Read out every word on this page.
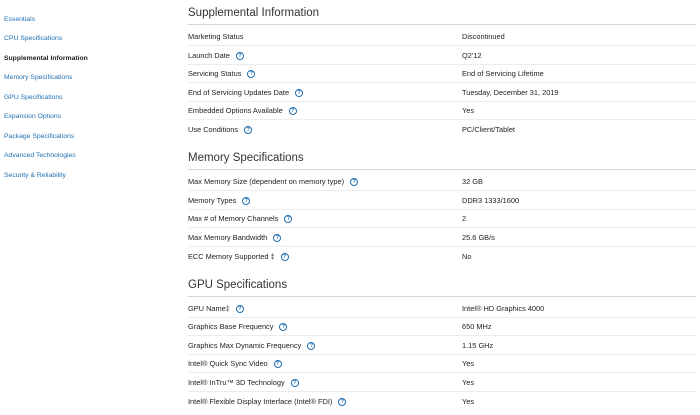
Essentials
CPU Specifications
Supplemental Information
Memory Specifications
GPU Specifications
Expansion Options
Package Specifications
Advanced Technologies
Security & Reliability
Supplemental Information
Marketing Status	Discontinued
Launch Date	?	Q2'12
Servicing Status	?	End of Servicing Lifetime
End of Servicing Updates Date	?	Tuesday, December 31, 2019
Embedded Options Available	?	Yes
Use Conditions	?	PC/Client/Tablet
Memory Specifications
Max Memory Size (dependent on memory type)	?	32 GB
Memory Types	?	DDR3 1333/1600
Max # of Memory Channels	?	2
Max Memory Bandwidth	?	25.6 GB/s
ECC Memory Supported ‡	?	No
GPU Specifications
GPU Name‡	?	Intel® HD Graphics 4000
Graphics Base Frequency	?	650 MHz
Graphics Max Dynamic Frequency	?	1.15 GHz
Intel® Quick Sync Video	?	Yes
Intel® InTru™ 3D Technology	?	Yes
Intel® Flexible Display Interface (Intel® FDI)	?	Yes
